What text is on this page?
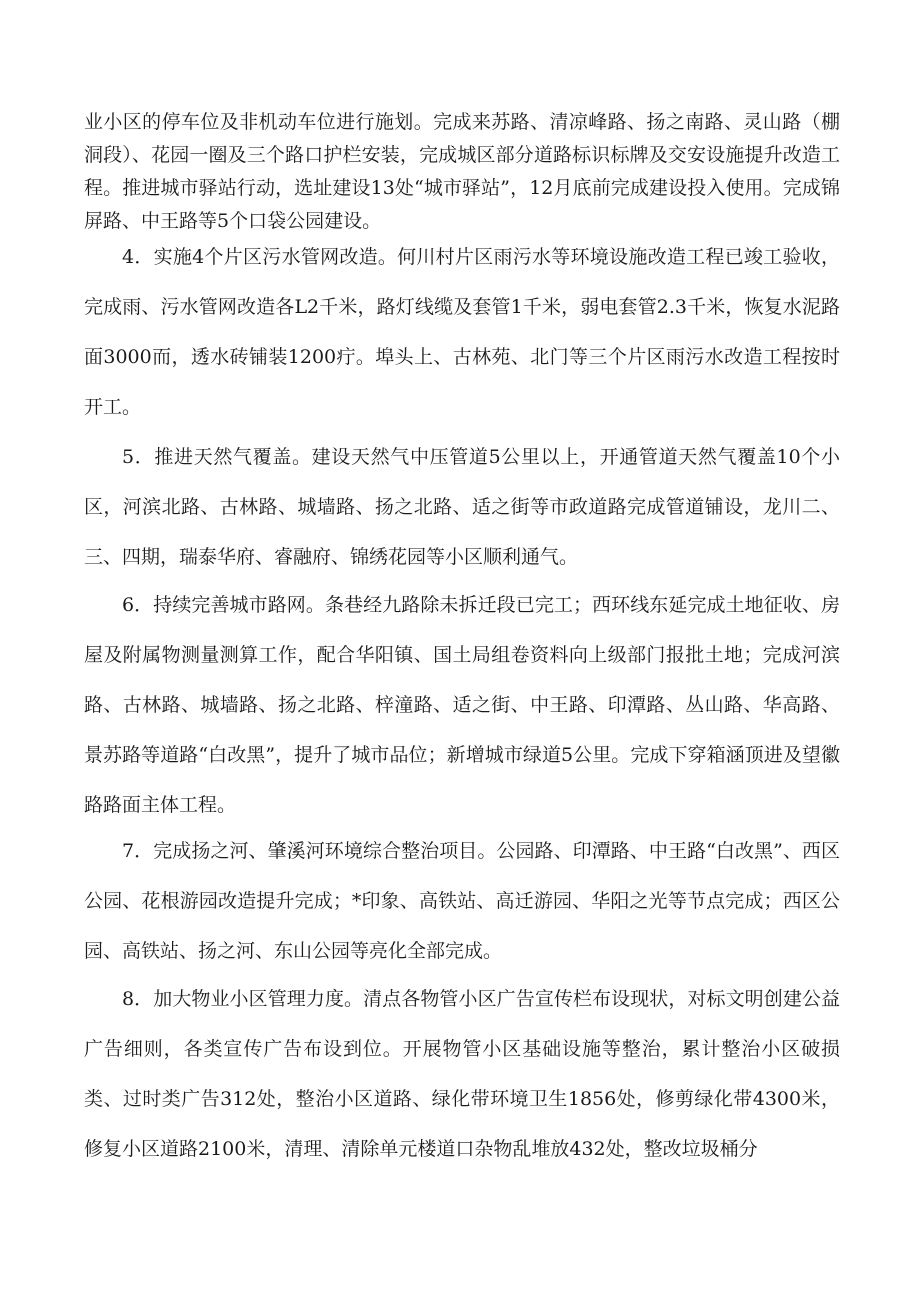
业小区的停车位及非机动车位进行施划。完成来苏路、清凉峰路、扬之南路、灵山路（棚洞段）、花园一圈及三个路口护栏安装，完成城区部分道路标识标牌及交安设施提升改造工程。推进城市驿站行动，选址建设13处“城市驿站”，12月底前完成建设投入使用。完成锦屏路、中王路等5个口袋公园建设。
4．实施4个片区污水管网改造。何川村片区雨污水等环境设施改造工程已竣工验收，完成雨、污水管网改造各L2千米，路灯线缆及套管1千米，弱电套管2.3千米，恢复水泥路面3000而，透水砖铺装1200疔。埠头上、古林苑、北门等三个片区雨污水改造工程按时开工。
5．推进天然气覆盖。建设天然气中压管道5公里以上，开通管道天然气覆盖10个小区，河滨北路、古林路、城墙路、扬之北路、适之街等市政道路完成管道铺设，龙川二、三、四期，瑞泰华府、睿融府、锦绣花园等小区顺利通气。
6．持续完善城市路网。条巷经九路除未拆迁段已完工；西环线东延完成土地征收、房屋及附属物测量测算工作，配合华阳镇、国土局组卷资料向上级部门报批土地；完成河滨路、古林路、城墙路、扬之北路、梓潼路、适之街、中王路、印潭路、丛山路、华高路、景苏路等道路“白改黑”，提升了城市品位；新增城市绿道5公里。完成下穿箱涵顶进及望徽路路面主体工程。
7．完成扬之河、肇溪河环境综合整治项目。公园路、印潭路、中王路“白改黑”、西区公园、花根游园改造提升完成；*印象、高铁站、高迁游园、华阳之光等节点完成；西区公园、高铁站、扬之河、东山公园等亮化全部完成。
8．加大物业小区管理力度。清点各物管小区广告宣传栏布设现状，对标文明创建公益广告细则，各类宣传广告布设到位。开展物管小区基础设施等整治，累计整治小区破损类、过时类广告312处，整治小区道路、绿化带环境卫生1856处，修剪绿化带4300米，修复小区道路2100米，清理、清除单元楼道口杂物乱堆放432处，整改垃圾桶分
